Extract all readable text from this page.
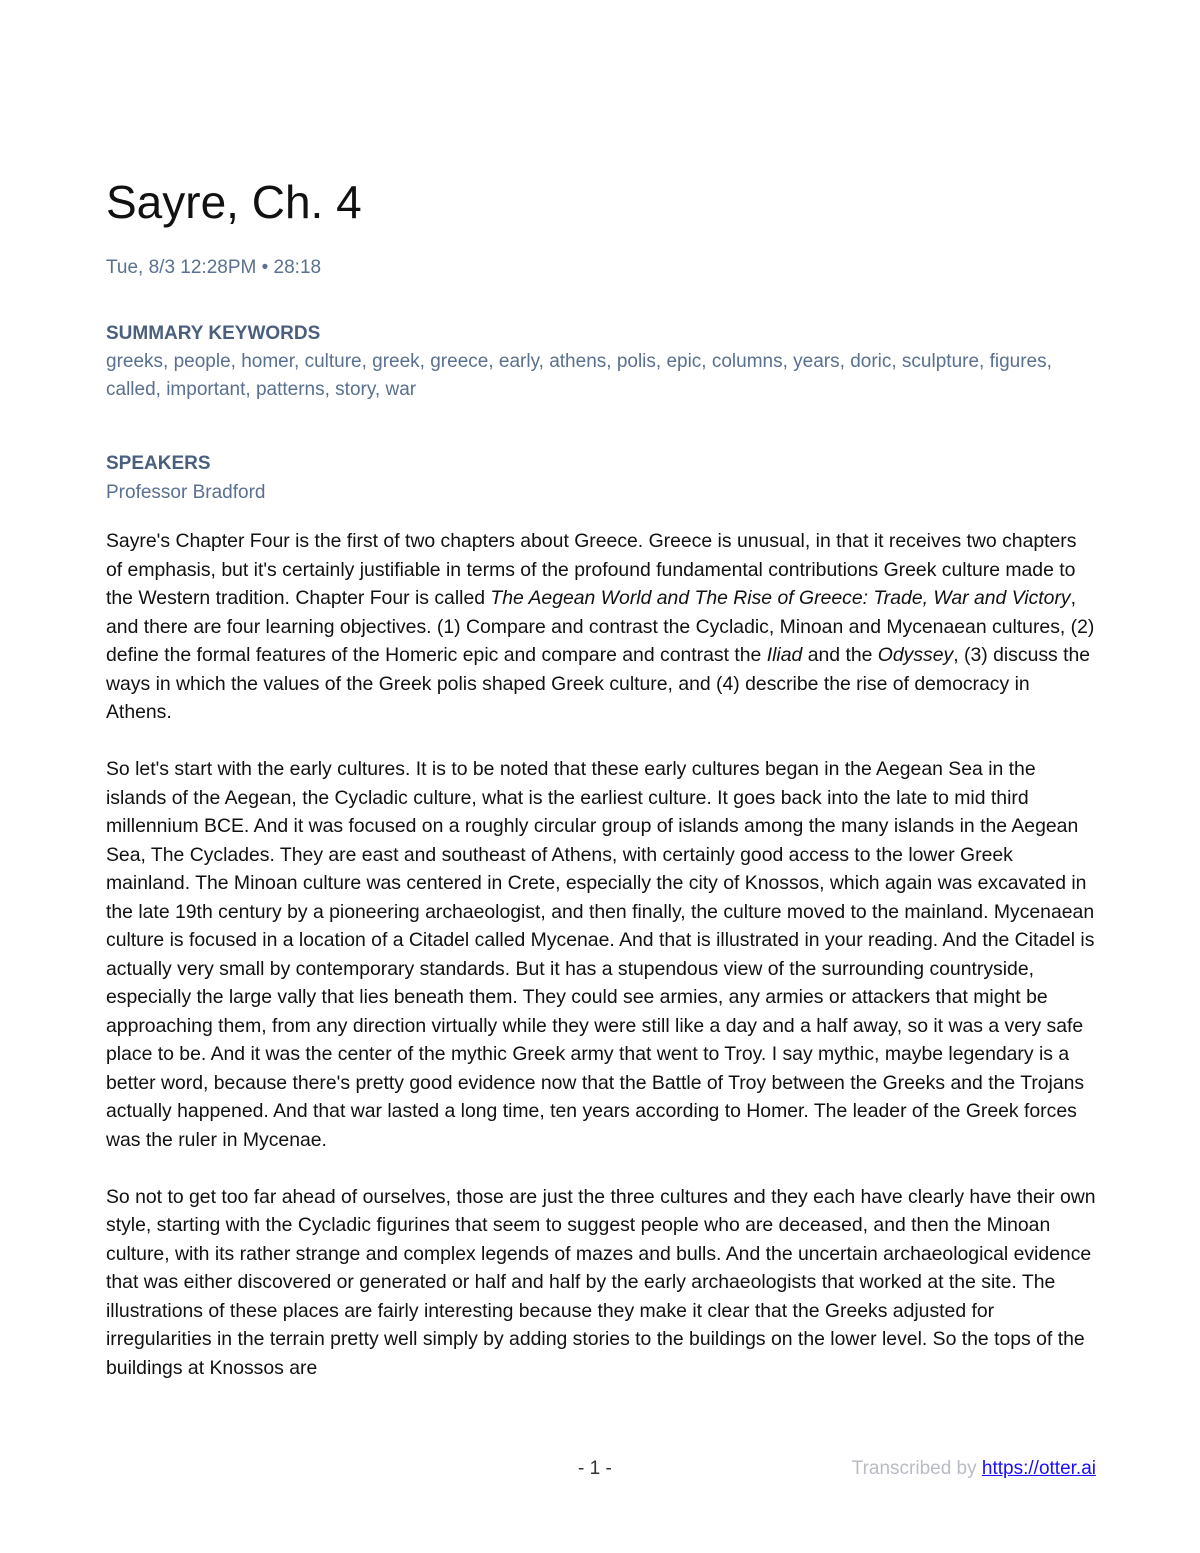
Sayre, Ch. 4
Tue, 8/3 12:28PM • 28:18

SUMMARY KEYWORDS

greeks, people, homer, culture, greek, greece, early, athens, polis, epic, columns, years, doric, sculpture, figures, called, important, patterns, story, war

SPEAKERS

Professor Bradford

Sayre's Chapter Four is the first of two chapters about Greece. Greece is unusual, in that it receives two chapters of emphasis, but it's certainly justifiable in terms of the profound fundamental contributions Greek culture made to the Western tradition. Chapter Four is called The Aegean World and The Rise of Greece: Trade, War and Victory, and there are four learning objectives. (1) Compare and contrast the Cycladic, Minoan and Mycenaean cultures, (2) define the formal features of the Homeric epic and compare and contrast the Iliad and the Odyssey, (3) discuss the ways in which the values of the Greek polis shaped Greek culture, and (4) describe the rise of democracy in Athens.

So let's start with the early cultures. It is to be noted that these early cultures began in the Aegean Sea in the islands of the Aegean, the Cycladic culture, what is the earliest culture. It goes back into the late to mid third millennium BCE. And it was focused on a roughly circular group of islands among the many islands in the Aegean Sea, The Cyclades. They are east and southeast of Athens, with certainly good access to the lower Greek mainland. The Minoan culture was centered in Crete, especially the city of Knossos, which again was excavated in the late 19th century by a pioneering archaeologist, and then finally, the culture moved to the mainland. Mycenaean culture is focused in a location of a Citadel called Mycenae. And that is illustrated in your reading. And the Citadel is actually very small by contemporary standards. But it has a stupendous view of the surrounding countryside, especially the large vally that lies beneath them. They could see armies, any armies or attackers that might be approaching them, from any direction virtually while they were still like a day and a half away, so it was a very safe place to be. And it was the center of the mythic Greek army that went to Troy. I say mythic, maybe legendary is a better word, because there's pretty good evidence now that the Battle of Troy between the Greeks and the Trojans actually happened. And that war lasted a long time, ten years according to Homer. The leader of the Greek forces was the ruler in Mycenae.

So not to get too far ahead of ourselves, those are just the three cultures and they each have clearly have their own style, starting with the Cycladic figurines that seem to suggest people who are deceased, and then the Minoan culture, with its rather strange and complex legends of mazes and bulls. And the uncertain archaeological evidence that was either discovered or generated or half and half by the early archaeologists that worked at the site. The illustrations of these places are fairly interesting because they make it clear that the Greeks adjusted for irregularities in the terrain pretty well simply by adding stories to the buildings on the lower level. So the tops of the buildings at Knossos are

- 1 -	Transcribed by https://otter.ai
